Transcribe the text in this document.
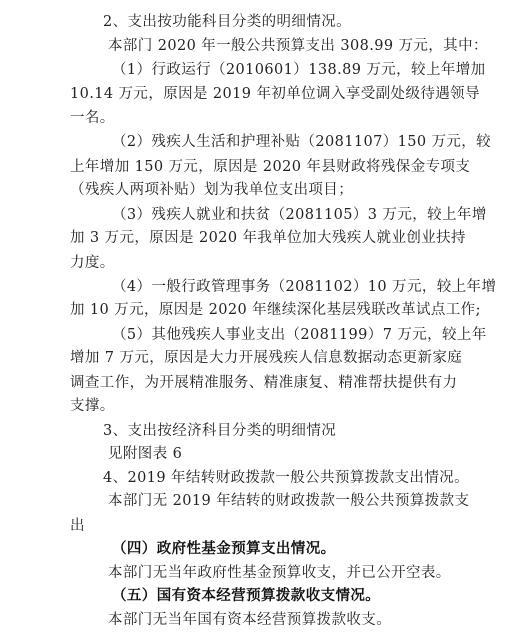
2、支出按功能科目分类的明细情况。
本部门 2020 年一般公共预算支出 308.99 万元，其中：
（1）行政运行（2010601）138.89 万元，较上年增加
10.14 万元，原因是 2019 年初单位调入享受副处级待遇领导
一名。
（2）残疾人生活和护理补贴（2081107）150 万元，较
上年增加 150 万元，原因是 2020 年县财政将残保金专项支
（残疾人两项补贴）划为我单位支出项目；
（3）残疾人就业和扶贫（2081105）3 万元，较上年增
加 3 万元，原因是 2020 年我单位加大残疾人就业创业扶持
力度。
（4）一般行政管理事务（2081102）10 万元，较上年增
加 10 万元，原因是 2020 年继续深化基层残联改革试点工作;
（5）其他残疾人事业支出（2081199）7 万元，较上年
增加 7 万元，原因是大力开展残疾人信息数据动态更新家庭
调查工作，为开展精准服务、精准康复、精准帮扶提供有力
支撑。
3、支出按经济科目分类的明细情况
见附图表 6
4、2019 年结转财政拨款一般公共预算拨款支出情况。
本部门无 2019 年结转的财政拨款一般公共预算拨款支
出
（四）政府性基金预算支出情况。
本部门无当年政府性基金预算收支，并已公开空表。
（五）国有资本经营预算拨款收支情况。
本部门无当年国有资本经营预算拨款收支。
